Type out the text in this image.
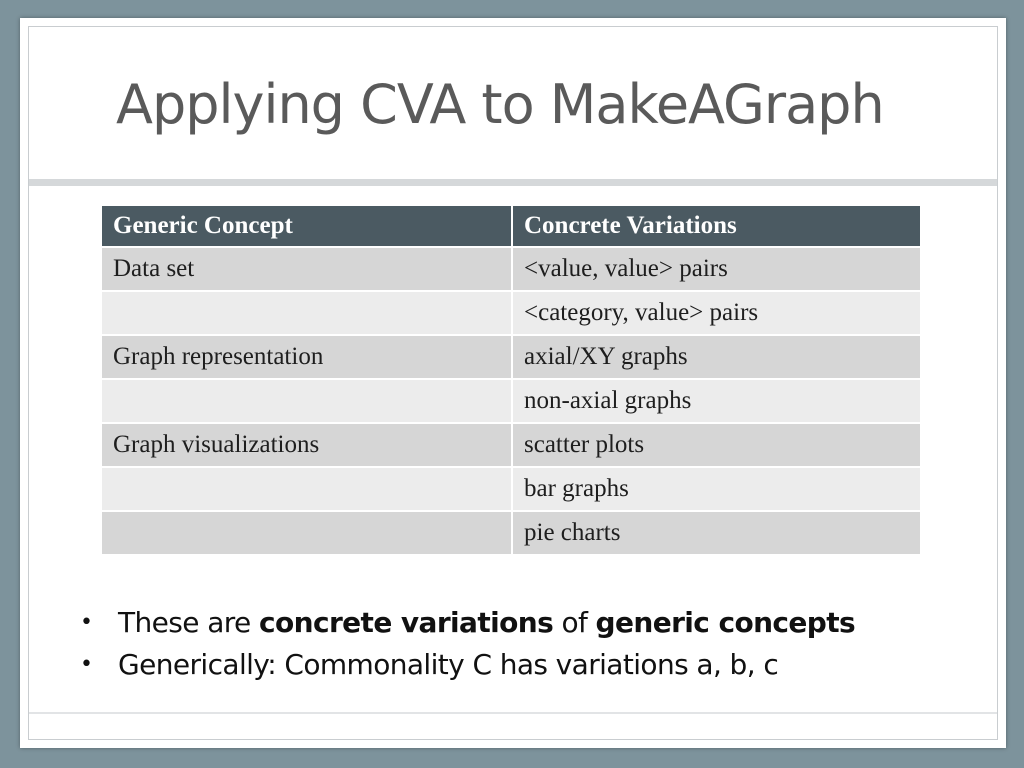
Applying CVA to MakeAGraph
Generic Concept	Concrete Variations
Data set	<value, value> pairs
	<category, value> pairs
Graph representation	axial/XY graphs
	non-axial graphs
Graph visualizations	scatter plots
	bar graphs
	pie charts
• These are concrete variations of generic concepts
• Generically: Commonality C has variations a, b, c
